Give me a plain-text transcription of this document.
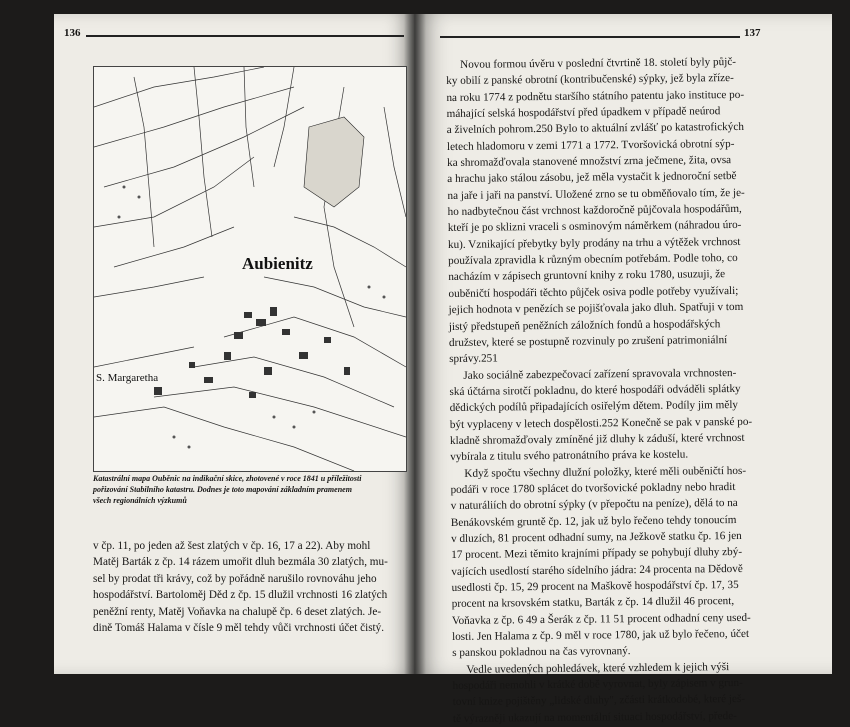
136	137
Aubienitz
S. Margaretha
Katastrální mapa Ouběnic na indikační skice, zhotovené v roce 1841 u příležitosti
pořizování Stabilního katastru. Dodnes je toto mapování základním pramenem
všech regionálních výzkumů
v čp. 11, po jeden až šest zlatých v čp. 16, 17 a 22). Aby mohl
Matěj Barták z čp. 14 rázem umořit dluh bezmála 30 zlatých, mu-
sel by prodat tři krávy, což by pořádně narušilo rovnováhu jeho
hospodářství. Bartoloměj Děd z čp. 15 dlužil vrchnosti 16 zlatých
peněžní renty, Matěj Voňavka na chalupě čp. 6 deset zlatých. Je-
dině Tomáš Halama v čísle 9 měl tehdy vůči vrchnosti účet čistý.
Novou formou úvěru v poslední čtvrtině 18. století byly půjč-
ky obilí z panské obrotní (kontribučenské) sýpky, jež byla zříze-
na roku 1774 z podnětu staršího státního patentu jako instituce po-
máhající selská hospodářství před úpadkem v případě neúrod
a živelních pohrom.250 Bylo to aktuální zvlášť po katastrofických
letech hladomoru v zemi 1771 a 1772. Tvoršovická obrotní sýp-
ka shromažďovala stanovené množství zrna ječmene, žita, ovsa
a hrachu jako stálou zásobu, jež měla vystačit k jednoroční setbě
na jaře i jaři na panství. Uložené zrno se tu obměňovalo tím, že je-
ho nadbytečnou část vrchnost každoročně půjčovala hospodářům,
kteří je po sklizni vraceli s osminovým náměrkem (náhradou úro-
ku). Vznikající přebytky byly prodány na trhu a výtěžek vrchnost
používala zpravidla k různým obecním potřebám. Podle toho, co
nacházím v zápisech gruntovní knihy z roku 1780, usuzuji, že
ouběničtí hospodáři těchto půjček osiva podle potřeby využívali;
jejich hodnota v penězích se pojišťovala jako dluh. Spatřuji v tom
jistý předstupeň peněžních záložních fondů a hospodářských
družstev, které se postupně rozvinuly po zrušení patrimoniální
správy.251
Jako sociálně zabezpečovací zařízení spravovala vrchnosten-
ská účtárna sirotčí pokladnu, do které hospodáři odváděli splátky
dědických podílů připadajících osiřelým dětem. Podíly jim měly
být vyplaceny v letech dospělosti.252 Konečně se pak v panské po-
kladně shromažďovaly zmíněné již dluhy k záduší, které vrchnost
vybírala z titulu svého patronátního práva ke kostelu.
Když spočtu všechny dlužní položky, které měli ouběničtí hos-
podáři v roce 1780 splácet do tvoršovické pokladny nebo hradit
v naturáliích do obrotní sýpky (v přepočtu na peníze), dělá to na
Benákovském gruntě čp. 12, jak už bylo řečeno tehdy tonoucím
v dluzích, 81 procent odhadní sumy, na Ježkově statku čp. 16 jen
17 procent. Mezi těmito krajními případy se pohybují dluhy zbý-
vajících usedlostí starého sídelního jádra: 24 procenta na Dědově
usedlosti čp. 15, 29 procent na Maškově hospodářství čp. 17, 35
procent na krsovském statku, Barták z čp. 14 dlužil 46 procent,
Voňavka z čp. 6 49 a Šerák z čp. 11 51 procent odhadní ceny used-
losti. Jen Halama z čp. 9 měl v roce 1780, jak už bylo řečeno, účet
s panskou pokladnou na čas vyrovnaný.
Vedle uvedených pohledávek, které vzhledem k jejich výši
hospodáři nemohli v krátké době vyrovnat, byly zápisem v grun-
tovní knize pojištěny „lidské dluhy", zčásti krátkodobé, které ješ-
tě výrazněji ukazují na momentální situaci hospodářství, přede-
